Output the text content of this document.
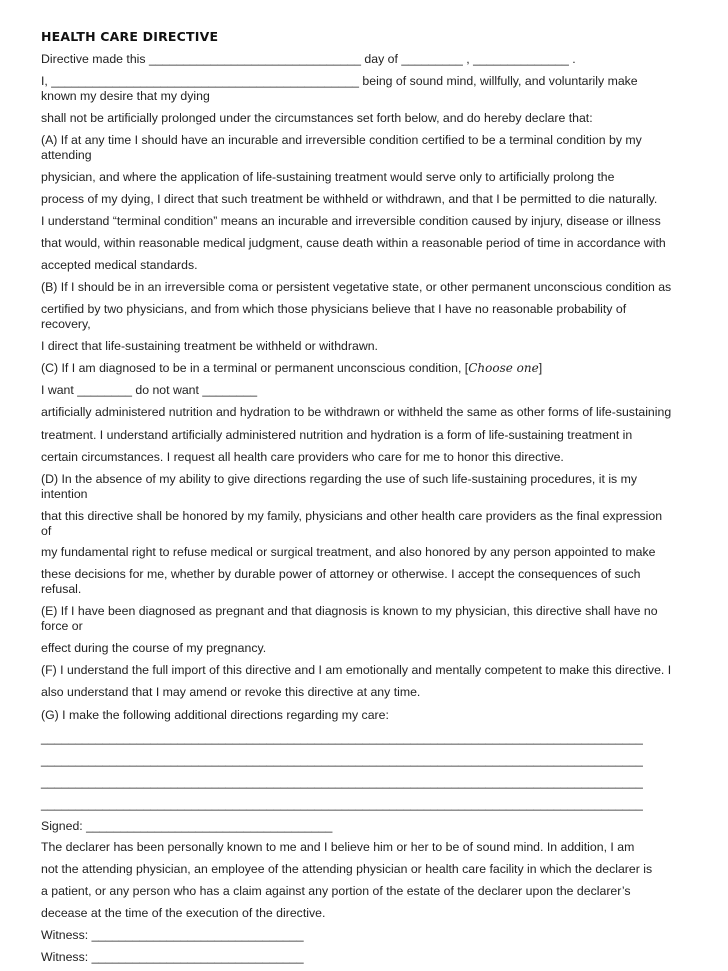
HEALTH CARE DIRECTIVE
Directive made this _______________________________ day of _________ , ______________ .
I, _____________________________________________ being of sound mind, willfully, and voluntarily make known my desire that my dying
shall not be artificially prolonged under the circumstances set forth below, and do hereby declare that:
(A) If at any time I should have an incurable and irreversible condition certified to be a terminal condition by my attending
physician, and where the application of life-sustaining treatment would serve only to artificially prolong the
process of my dying, I direct that such treatment be withheld or withdrawn, and that I be permitted to die naturally.
I understand “terminal condition” means an incurable and irreversible condition caused by injury, disease or illness
that would, within reasonable medical judgment, cause death within a reasonable period of time in accordance with
accepted medical standards.
(B) If I should be in an irreversible coma or persistent vegetative state, or other permanent unconscious condition as
certified by two physicians, and from which those physicians believe that I have no reasonable probability of recovery,
I direct that life-sustaining treatment be withheld or withdrawn.
(C) If I am diagnosed to be in a terminal or permanent unconscious condition, [Choose one]
I want ________ do not want ________
artificially administered nutrition and hydration to be withdrawn or withheld the same as other forms of life-sustaining
treatment. I understand artificially administered nutrition and hydration is a form of life-sustaining treatment in
certain circumstances. I request all health care providers who care for me to honor this directive.
(D) In the absence of my ability to give directions regarding the use of such life-sustaining procedures, it is my intention
that this directive shall be honored by my family, physicians and other health care providers as the final expression of
my fundamental right to refuse medical or surgical treatment, and also honored by any person appointed to make
these decisions for me, whether by durable power of attorney or otherwise. I accept the consequences of such refusal.
(E) If I have been diagnosed as pregnant and that diagnosis is known to my physician, this directive shall have no force or
effect during the course of my pregnancy.
(F) I understand the full import of this directive and I am emotionally and mentally competent to make this directive. I
also understand that I may amend or revoke this directive at any time.
(G) I make the following additional directions regarding my care:
________________________________________________________________________________________
________________________________________________________________________________________
________________________________________________________________________________________
________________________________________________________________________________________
Signed: ____________________________________
The declarer has been personally known to me and I believe him or her to be of sound mind. In addition, I am
not the attending physician, an employee of the attending physician or health care facility in which the declarer is
a patient, or any person who has a claim against any portion of the estate of the declarer upon the declarer’s
decease at the time of the execution of the directive.
Witness: _______________________________
Witness: _______________________________
